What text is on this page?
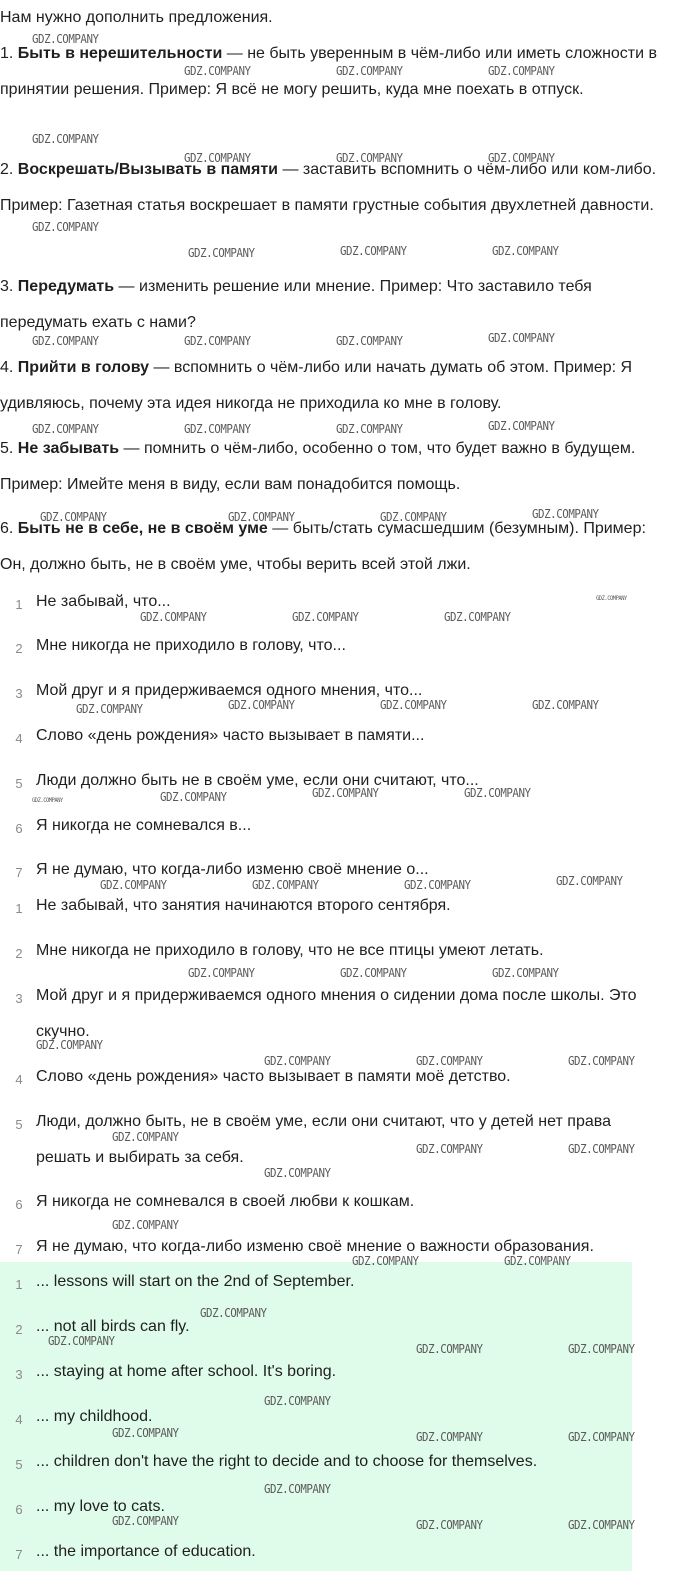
Нам нужно дополнить предложения.

1. Быть в нерешительности — не быть уверенным в чём-либо или иметь сложности в принятии решения. Пример: Я всё не могу решить, куда мне поехать в отпуск.

2. Воскрешать/Вызывать в памяти — заставить вспомнить о чём-либо или ком-либо. Пример: Газетная статья воскрешает в памяти грустные события двухлетней давности.

3. Передумать — изменить решение или мнение. Пример: Что заставило тебя передумать ехать с нами?

4. Прийти в голову — вспомнить о чём-либо или начать думать об этом. Пример: Я удивляюсь, почему эта идея никогда не приходила ко мне в голову.

5. Не забывать — помнить о чём-либо, особенно о том, что будет важно в будущем. Пример: Имейте меня в виду, если вам понадобится помощь.

6. Быть не в себе, не в своём уме — быть/стать сумасшедшим (безумным). Пример: Он, должно быть, не в своём уме, чтобы верить всей этой лжи.

1 Не забывай, что...
2 Мне никогда не приходило в голову, что...
3 Мой друг и я придерживаемся одного мнения, что...
4 Слово «день рождения» часто вызывает в памяти...
5 Люди должно быть не в своём уме, если они считают, что...
6 Я никогда не сомневался в...
7 Я не думаю, что когда-либо изменю своё мнение о...
1 Не забывай, что занятия начинаются второго сентября.
2 Мне никогда не приходило в голову, что не все птицы умеют летать.
3 Мой друг и я придерживаемся одного мнения о сидении дома после школы. Это скучно.
4 Слово «день рождения» часто вызывает в памяти моё детство.
5 Люди, должно быть, не в своём уме, если они считают, что у детей нет права решать и выбирать за себя.
6 Я никогда не сомневался в своей любви к кошкам.
7 Я не думаю, что когда-либо изменю своё мнение о важности образования.
1 ... lessons will start on the 2nd of September.
2 ... not all birds can fly.
3 ... staying at home after school. It's boring.
4 ... my childhood.
5 ... children don't have the right to decide and to choose for themselves.
6 ... my love to cats.
7 ... the importance of education.
GDZ.COMPANY
GDZ.COMPANY	GDZ.COMPANY	GDZ.COMPANY
GDZ.COMPANY
GDZ.COMPANY	GDZ.COMPANY	GDZ.COMPANY
GDZ.COMPANY
GDZ.COMPANY	GDZ.COMPANY	GDZ.COMPANY
GDZ.COMPANY	GDZ.COMPANY	GDZ.COMPANY	GDZ.COMPANY
GDZ.COMPANY	GDZ.COMPANY	GDZ.COMPANY	GDZ.COMPANY
GDZ.COMPANY	GDZ.COMPANY	GDZ.COMPANY	GDZ.COMPANY
GDZ.COMPANY
GDZ.COMPANY	GDZ.COMPANY	GDZ.COMPANY
GDZ.COMPANY	GDZ.COMPANY	GDZ.COMPANY	GDZ.COMPANY
GDZ.COMPANY	GDZ.COMPANY	GDZ.COMPANY	GDZ.COMPANY
GDZ.COMPANY	GDZ.COMPANY	GDZ.COMPANY	GDZ.COMPANY
GDZ.COMPANY	GDZ.COMPANY	GDZ.COMPANY
GDZ.COMPANY
GDZ.COMPANY	GDZ.COMPANY	GDZ.COMPANY
GDZ.COMPANY
GDZ.COMPANY	GDZ.COMPANY
GDZ.COMPANY
GDZ.COMPANY
GDZ.COMPANY	GDZ.COMPANY
GDZ.COMPANY
GDZ.COMPANY
GDZ.COMPANY	GDZ.COMPANY
GDZ.COMPANY
GDZ.COMPANY	GDZ.COMPANY	GDZ.COMPANY
GDZ.COMPANY
GDZ.COMPANY	GDZ.COMPANY	GDZ.COMPANY
